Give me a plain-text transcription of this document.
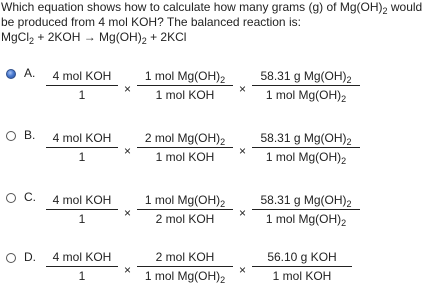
Which equation shows how to calculate how many grams (g) of $Mg(OH)_2$ would

be produced from 4 mol KOH? The balanced reaction is:

MgCl$_2$ + $2KOH \to Mg(OH)_2 + 2KCl$

A.	4 mol KOH
1	×
1 mol $Mg(OH)_2$
1 mol KOH	×
58.31 g $Mg(OH)_2$
1 mol $Mg(OH)_2$
B.	4 mol KOH
1	×
2 mol $Mg(OH)_2$
1 mol KOH	×
58.31 g $Mg(OH)_2$
1 mol $Mg(OH)_2$
C.	4 mol KOH
1	×
1 mol $Mg(OH)_2$
2 mol KOH	×
58.31 g $Mg(OH)_2$
1 mol $Mg(OH)_2$
D.	4 mol KOH
1	×
2 mol KOH
1 mol $Mg(OH)_2$
×
56.10 g KOH
1 mol KOH
